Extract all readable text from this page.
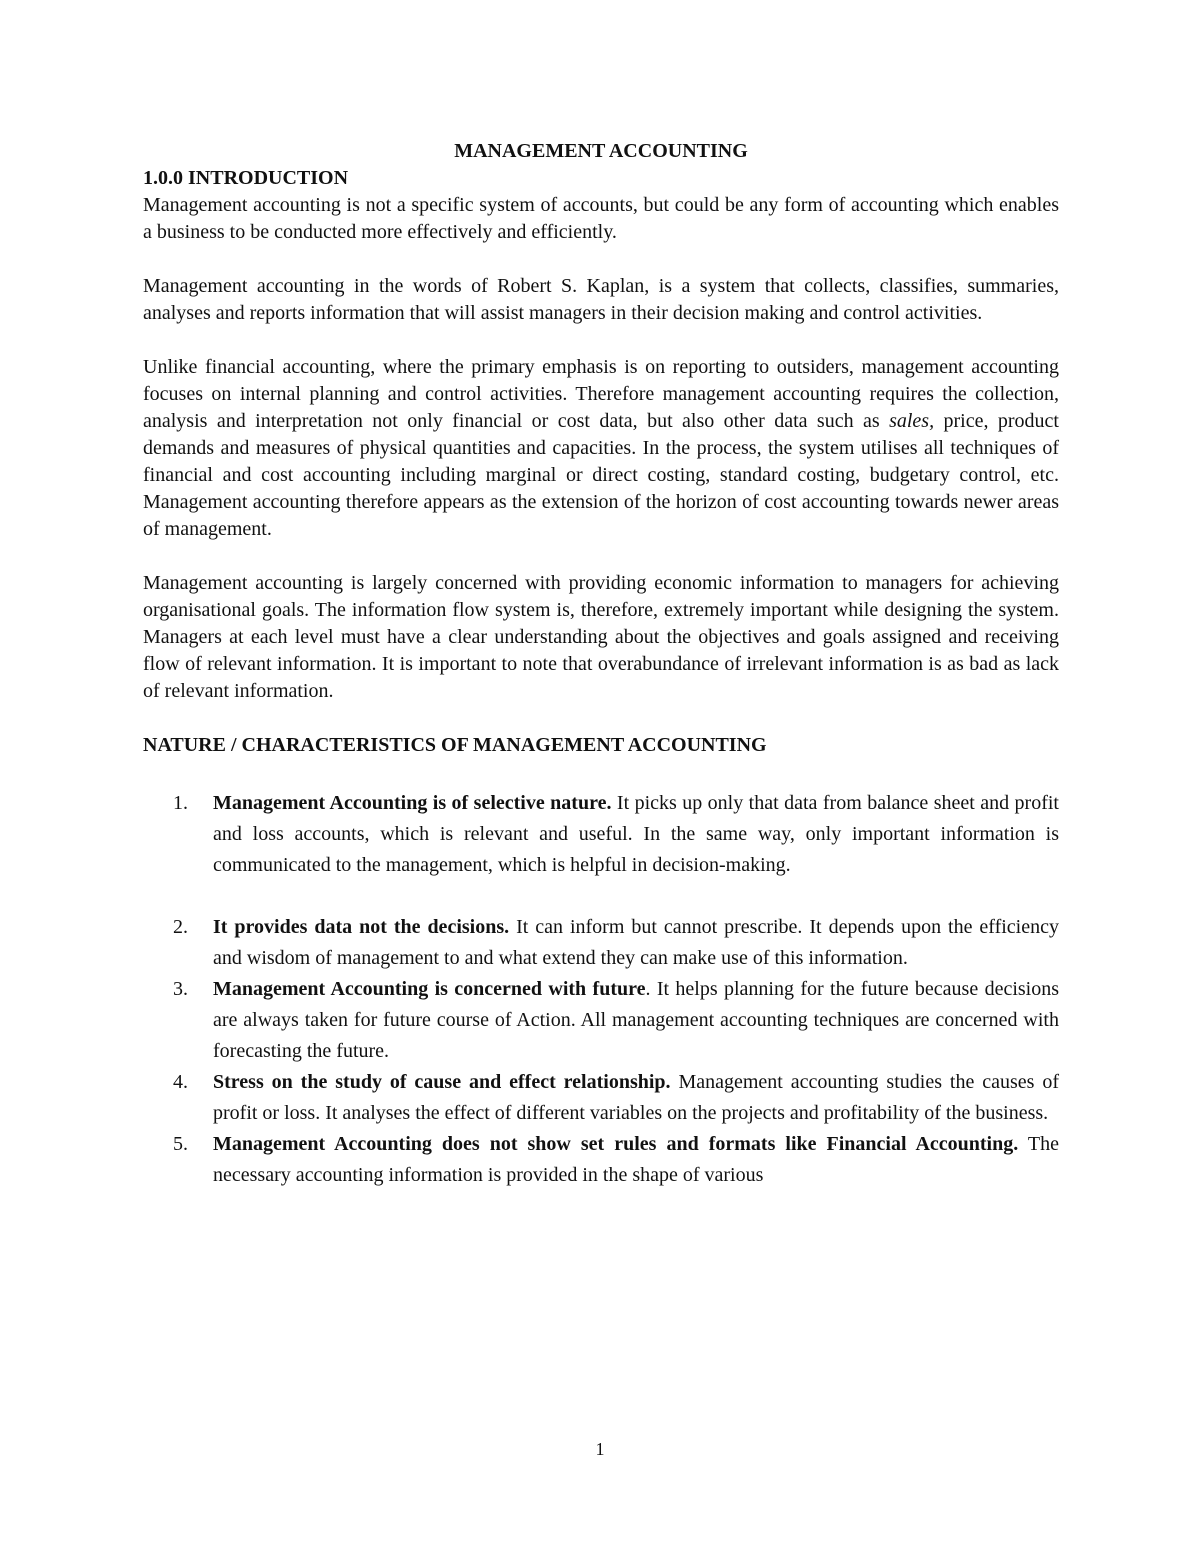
MANAGEMENT ACCOUNTING

1.0.0 INTRODUCTION

Management accounting is not a specific system of accounts, but could be any form of accounting which enables a business to be conducted more effectively and efficiently.

Management accounting in the words of Robert S. Kaplan, is a system that collects, classifies, summaries, analyses and reports information that will assist managers in their decision making and control activities.

Unlike financial accounting, where the primary emphasis is on reporting to outsiders, management accounting focuses on internal planning and control activities. Therefore management accounting requires the collection, analysis and interpretation not only financial or cost data, but also other data such as sales, price, product demands and measures of physical quantities and capacities. In the process, the system utilises all techniques of financial and cost accounting including marginal or direct costing, standard costing, budgetary control, etc. Management accounting therefore appears as the extension of the horizon of cost accounting towards newer areas of management.

Management accounting is largely concerned with providing economic information to managers for achieving organisational goals. The information flow system is, therefore, extremely important while designing the system. Managers at each level must have a clear understanding about the objectives and goals assigned and receiving flow of relevant information. It is important to note that overabundance of irrelevant information is as bad as lack of relevant information.

NATURE / CHARACTERISTICS OF MANAGEMENT ACCOUNTING

1. Management Accounting is of selective nature. It picks up only that data from balance sheet and profit and loss accounts, which is relevant and useful. In the same way, only important information is communicated to the management, which is helpful in decision-making.
2. It provides data not the decisions. It can inform but cannot prescribe. It depends upon the efficiency and wisdom of management to and what extend they can make use of this information.
3. Management Accounting is concerned with future. It helps planning for the future because decisions are always taken for future course of Action. All management accounting techniques are concerned with forecasting the future.
4. Stress on the study of cause and effect relationship. Management accounting studies the causes of profit or loss. It analyses the effect of different variables on the projects and profitability of the business.
5. Management Accounting does not show set rules and formats like Financial Accounting. The necessary accounting information is provided in the shape of various
1
